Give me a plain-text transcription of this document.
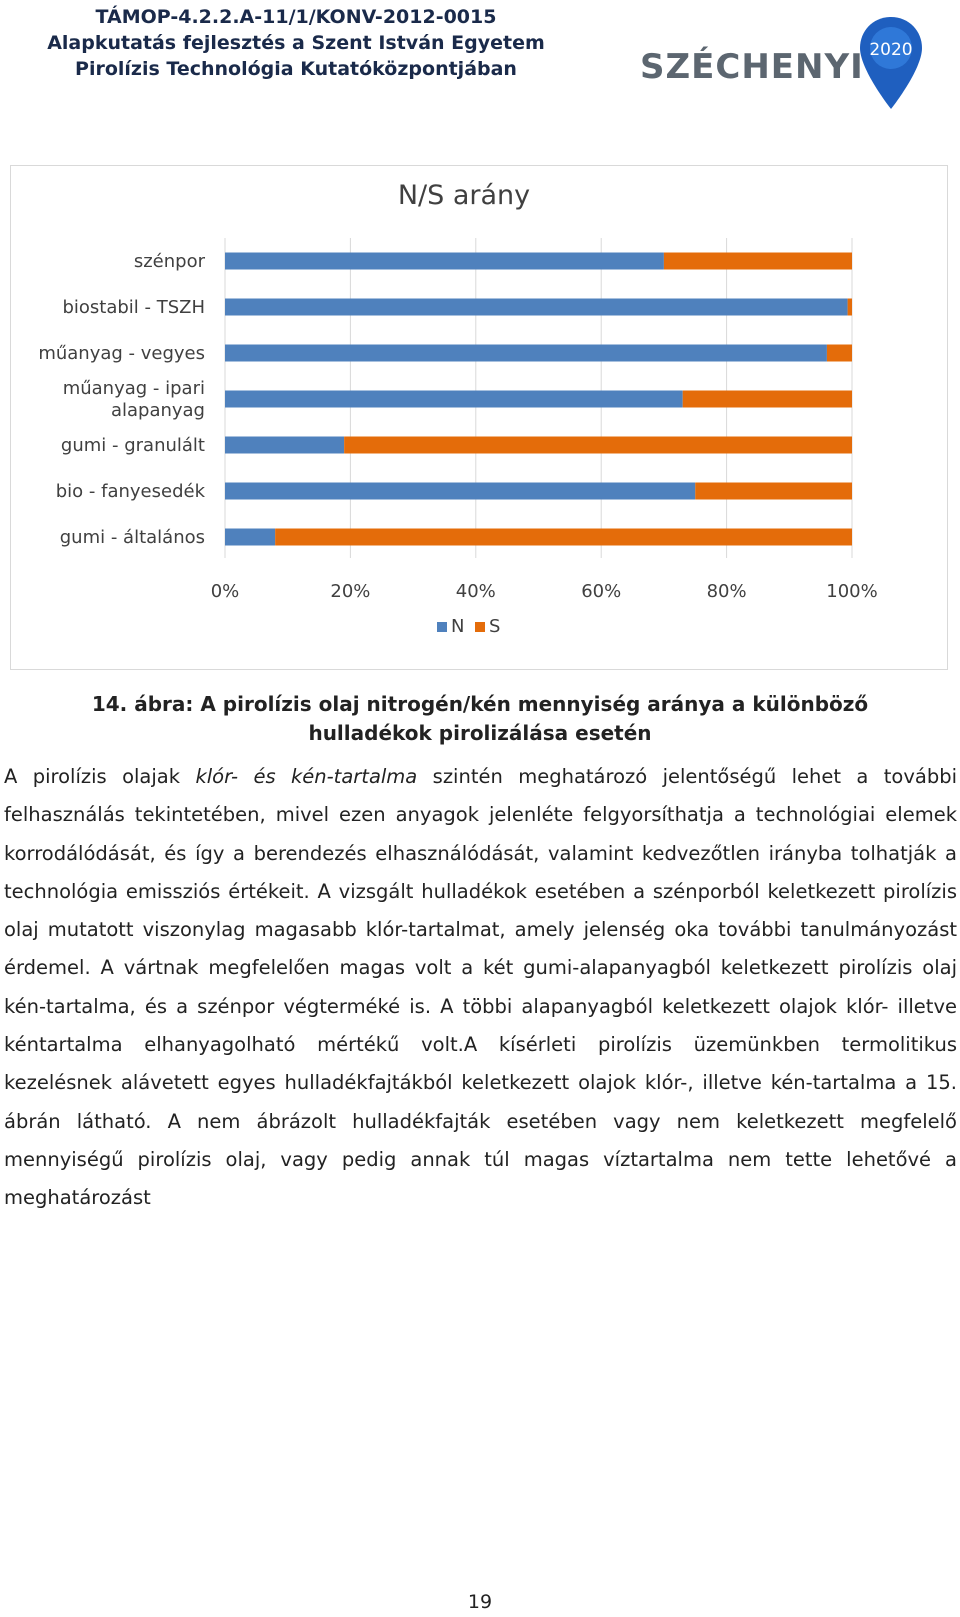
TÁMOP-4.2.2.A-11/1/KONV-2012-0015
Alapkutatás fejlesztés a Szent István Egyetem
Pirolízis Technológia Kutatóközpontjában	SZÉCHENYI 2020
N/S arány
0%	20%	40%	60%	80%	100%
szénpor
biostabil - TSZH
műanyag - vegyes
műanyag - ipari
alapanyag
gumi - granulált
bio - fanyesedék
gumi - általános
N S
14. ábra: A pirolízis olaj nitrogén/kén mennyiség aránya a különböző
hulladékok pirolizálása esetén
A pirolízis olajak klór- és kén-tartalma szintén meghatározó jelentőségű lehet a további felhasználás tekintetében, mivel ezen anyagok jelenléte felgyorsíthatja a technológiai elemek korrodálódását, és így a berendezés elhasználódását, valamint kedvezőtlen irányba tolhatják a technológia emissziós értékeit. A vizsgált hulladékok esetében a szénporból keletkezett pirolízis olaj mutatott viszonylag magasabb klór-tartalmat, amely jelenség oka további tanulmányozást érdemel. A vártnak megfelelően magas volt a két gumi-alapanyagból keletkezett pirolízis olaj kén-tartalma, és a szénpor végterméké is. A többi alapanyagból keletkezett olajok klór- illetve kéntartalma elhanyagolható mértékű volt.A kísérleti pirolízis üzemünkben termolitikus kezelésnek alávetett egyes hulladékfajtákból keletkezett olajok klór-, illetve kén-tartalma a 15. ábrán látható. A nem ábrázolt hulladékfajták esetében vagy nem keletkezett megfelelő mennyiségű pirolízis olaj, vagy pedig annak túl magas víztartalma nem tette lehetővé a meghatározást
19
